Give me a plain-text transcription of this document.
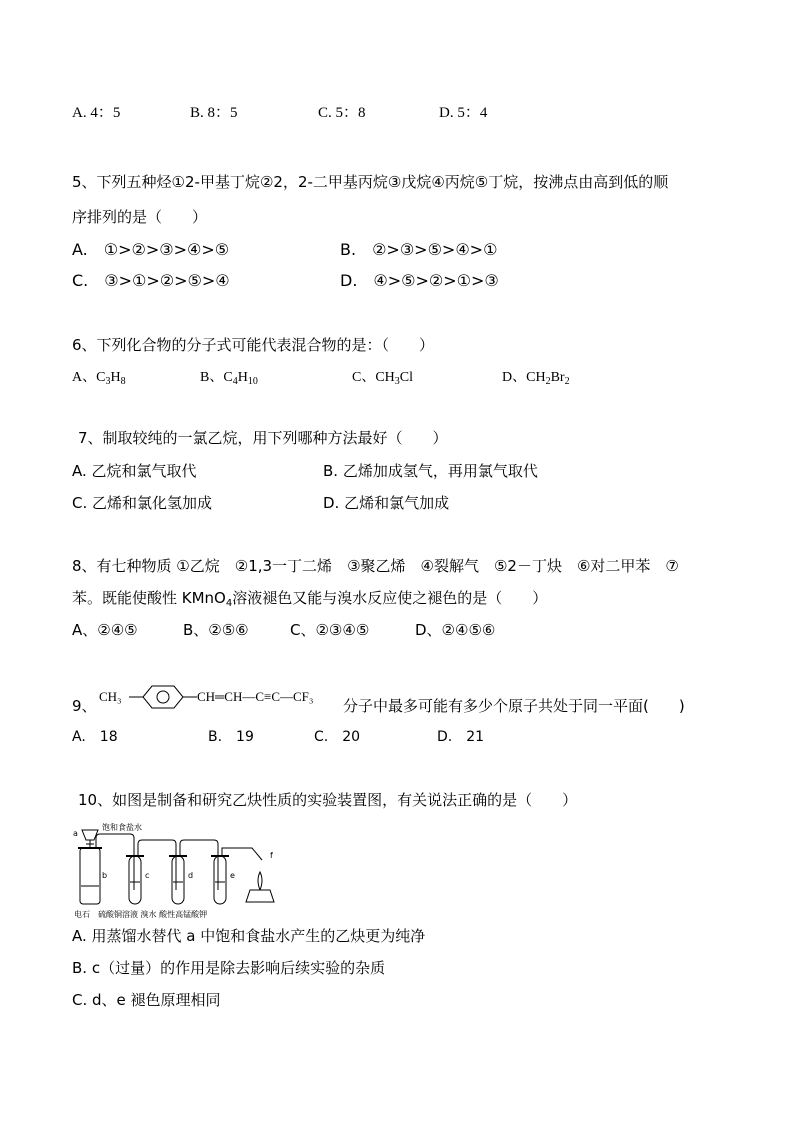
A. 4：5	B. 8：5	C. 5：8	D. 5：4
5、下列五种烃①2-甲基丁烷②2，2-二甲基丙烷③戊烷④丙烷⑤丁烷，按沸点由高到低的顺
序排列的是（　　）
A.　①>②>③>④>⑤	B.　②>③>⑤>④>①
C.　③>①>②>⑤>④	D.　④>⑤>②>①>③
6、下列化合物的分子式可能代表混合物的是：（　　）
A、$C_3H_8$	B、$C_4H_{10}$	C、$CH_3Cl$	D、$CH_2Br_2$
7、制取较纯的一氯乙烷，用下列哪种方法最好（　　）
A. 乙烷和氯气取代	B. 乙烯加成氢气，再用氯气取代
C. 乙烯和氯化氢加成	D. 乙烯和氯气加成
8、有七种物质 ①乙烷　②1,3一丁二烯　③聚乙烯　④裂解气　⑤2－丁炔　⑥对二甲苯　⑦
苯。既能使酸性 KMnO$_4$溶液褪色又能与溴水反应使之褪色的是（　　）
A、②④⑤	B、②⑤⑥	C、②③④⑤	D、②④⑤⑥
9、
CH₃	CH═CH—C≡C—CF₃
分子中最多可能有多少个原子共处于同一平面(　　)
A.　18	B.　19	C.　20	D.　21
10、如图是制备和研究乙炔性质的实验装置图，有关说法正确的是（　　）
a
饱和食盐水
b	c	d	e
f
电石　硫酸铜溶液 溴水 酸性高锰酸钾
A. 用蒸馏水替代 a 中饱和食盐水产生的乙炔更为纯净
B. c（过量）的作用是除去影响后续实验的杂质
C. d、e 褪色原理相同
